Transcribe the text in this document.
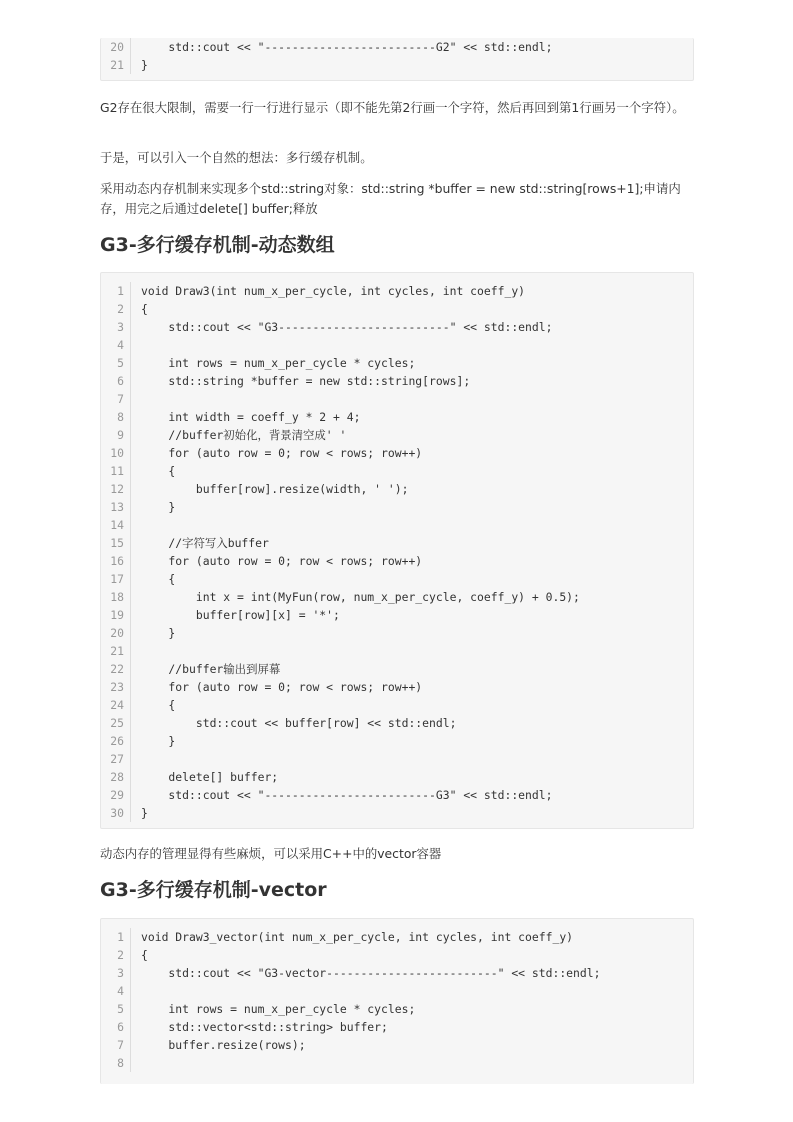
20	std::cout << "-------------------------G2" << std::endl;
21	}

G2存在很大限制，需要一行一行进行显示（即不能先第2行画一个字符，然后再回到第1行画另一个字符）。

于是，可以引入一个自然的想法：多行缓存机制。

采用动态内存机制来实现多个std::string对象：std::string *buffer = new std::string[rows+1];申请内存，用完之后通过delete[] buffer;释放

G3-多行缓存机制-动态数组
1	void Draw3(int num_x_per_cycle, int cycles, int coeff_y)
2	{
3	std::cout << "G3-------------------------" << std::endl;
4
5	int rows = num_x_per_cycle * cycles;
6	std::string *buffer = new std::string[rows];
7
8	int width = coeff_y * 2 + 4;
9	//buffer初始化，背景清空成' '
10	for (auto row = 0; row < rows; row++)
11	{
12	buffer[row].resize(width, ' ');
13	}
14
15	//字符写入buffer
16	for (auto row = 0; row < rows; row++)
17	{
18	int x = int(MyFun(row, num_x_per_cycle, coeff_y) + 0.5);
19	buffer[row][x] = '*';
20	}
21
22	//buffer输出到屏幕
23	for (auto row = 0; row < rows; row++)
24	{
25	std::cout << buffer[row] << std::endl;
26	}
27
28	delete[] buffer;
29	std::cout << "-------------------------G3" << std::endl;
30	}

动态内存的管理显得有些麻烦，可以采用C++中的vector容器

G3-多行缓存机制-vector
1	void Draw3_vector(int num_x_per_cycle, int cycles, int coeff_y)
2	{
3	std::cout << "G3-vector-------------------------" << std::endl;
4
5	int rows = num_x_per_cycle * cycles;
6	std::vector<std::string> buffer;
7	buffer.resize(rows);
8
